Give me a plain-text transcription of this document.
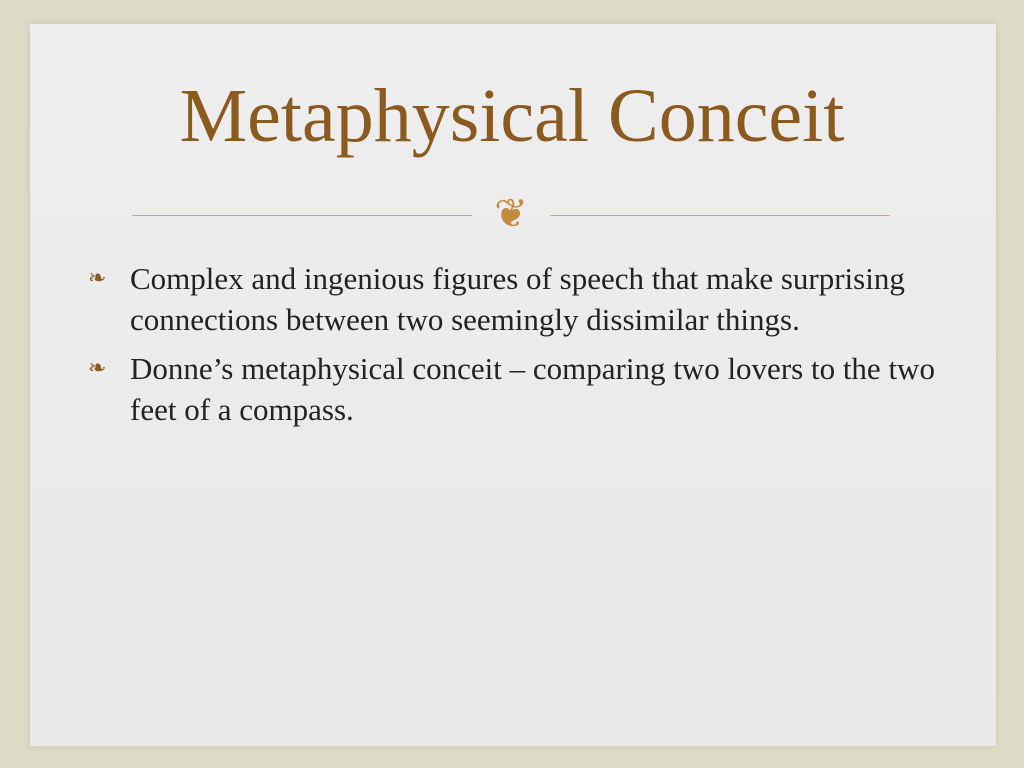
Metaphysical Conceit
❦
❧ Complex and ingenious figures of speech that make surprising connections between two seemingly dissimilar things.
❧ Donne’s metaphysical conceit – comparing two lovers to the two feet of a compass.
